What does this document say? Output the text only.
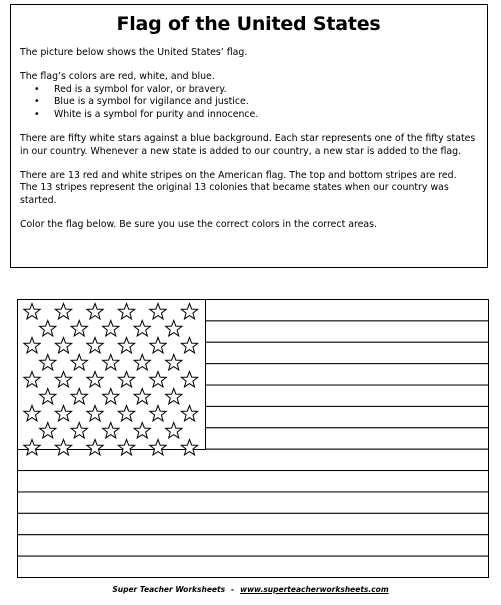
Flag of the United States

The picture below shows the United States’ flag.

The flag’s colors are red, white, and blue.

• Red is a symbol for valor, or bravery.
• Blue is a symbol for vigilance and justice.
• White is a symbol for purity and innocence.

There are fifty white stars against a blue background. Each star represents one of the fifty states in our country. Whenever a new state is added to our country, a new star is added to the flag.

There are 13 red and white stripes on the American flag. The top and bottom stripes are red. The 13 stripes represent the original 13 colonies that became states when our country was started.

Color the flag below. Be sure you use the correct colors in the correct areas.

Super Teacher Worksheets - www.superteacherworksheets.com
